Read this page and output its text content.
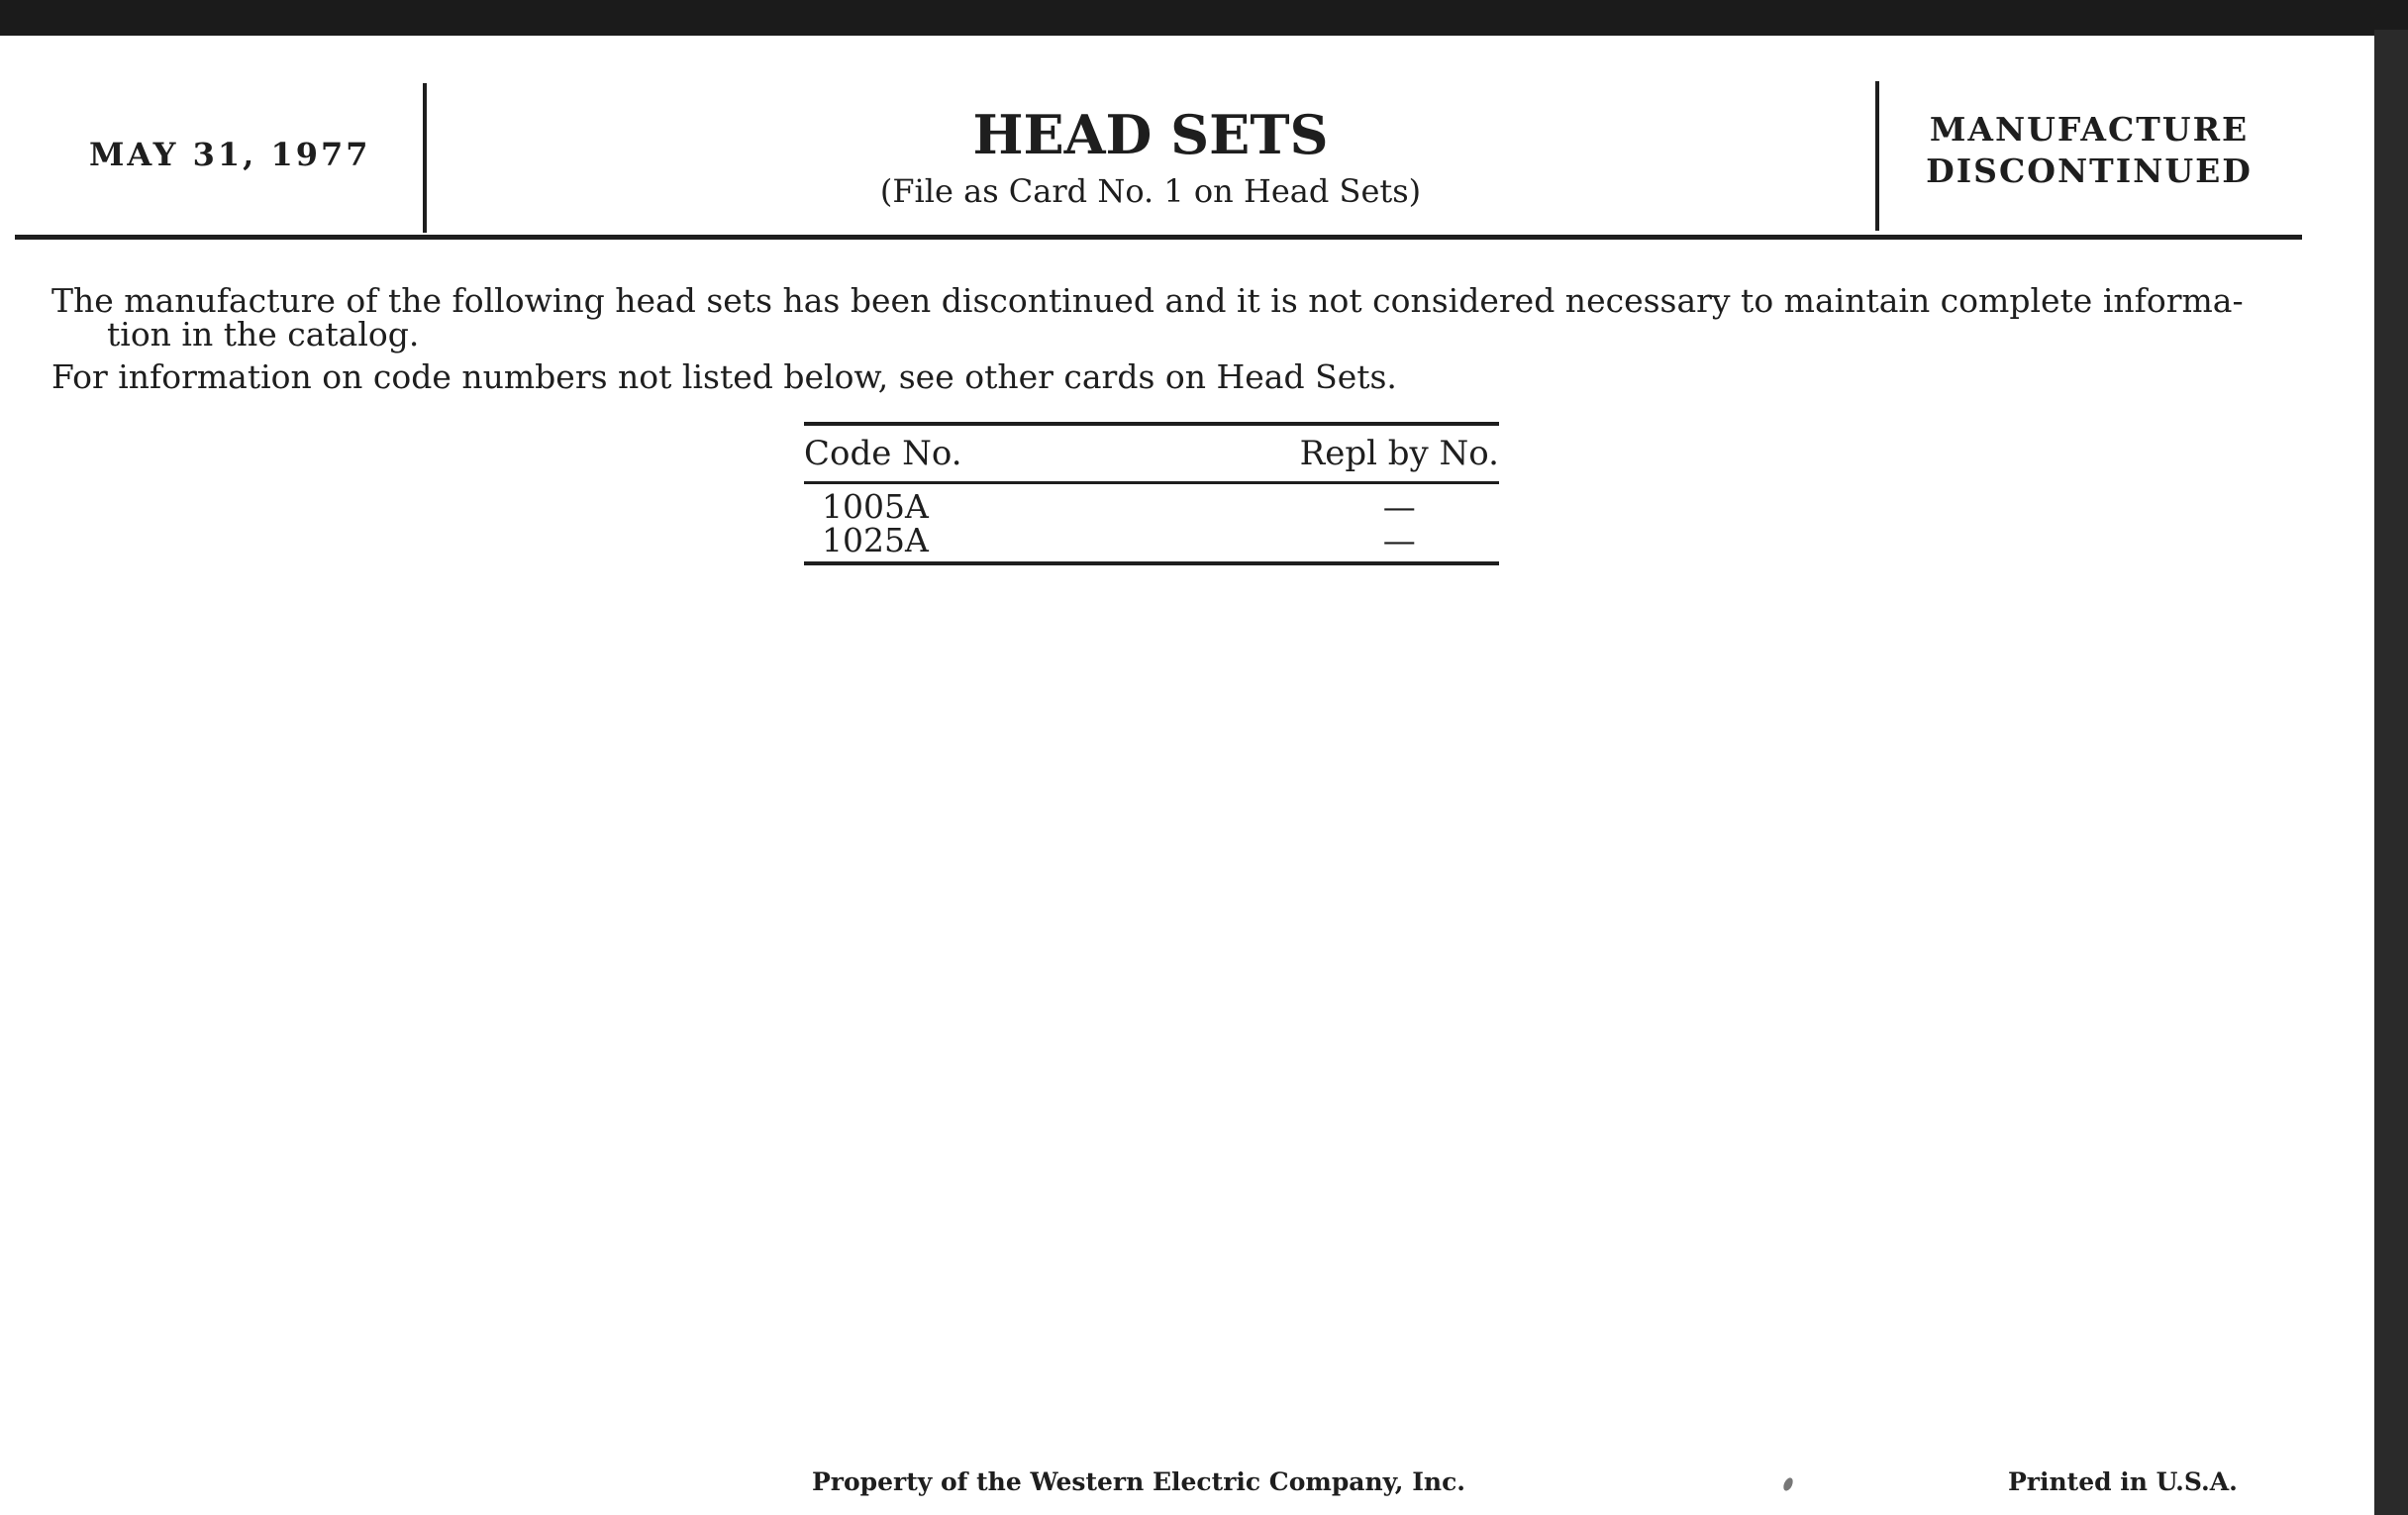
MAY 31, 1977	HEAD SETS
(File as Card No. 1 on Head Sets)
MANUFACTURE
DISCONTINUED
The manufacture of the following head sets has been discontinued and it is not considered necessary to maintain complete informa-
tion in the catalog.
For information on code numbers not listed below, see other cards on Head Sets.
Code No.	Repl by No.
1005A	—
1025A	—
Property of the Western Electric Company, Inc.	Printed in U.S.A.
